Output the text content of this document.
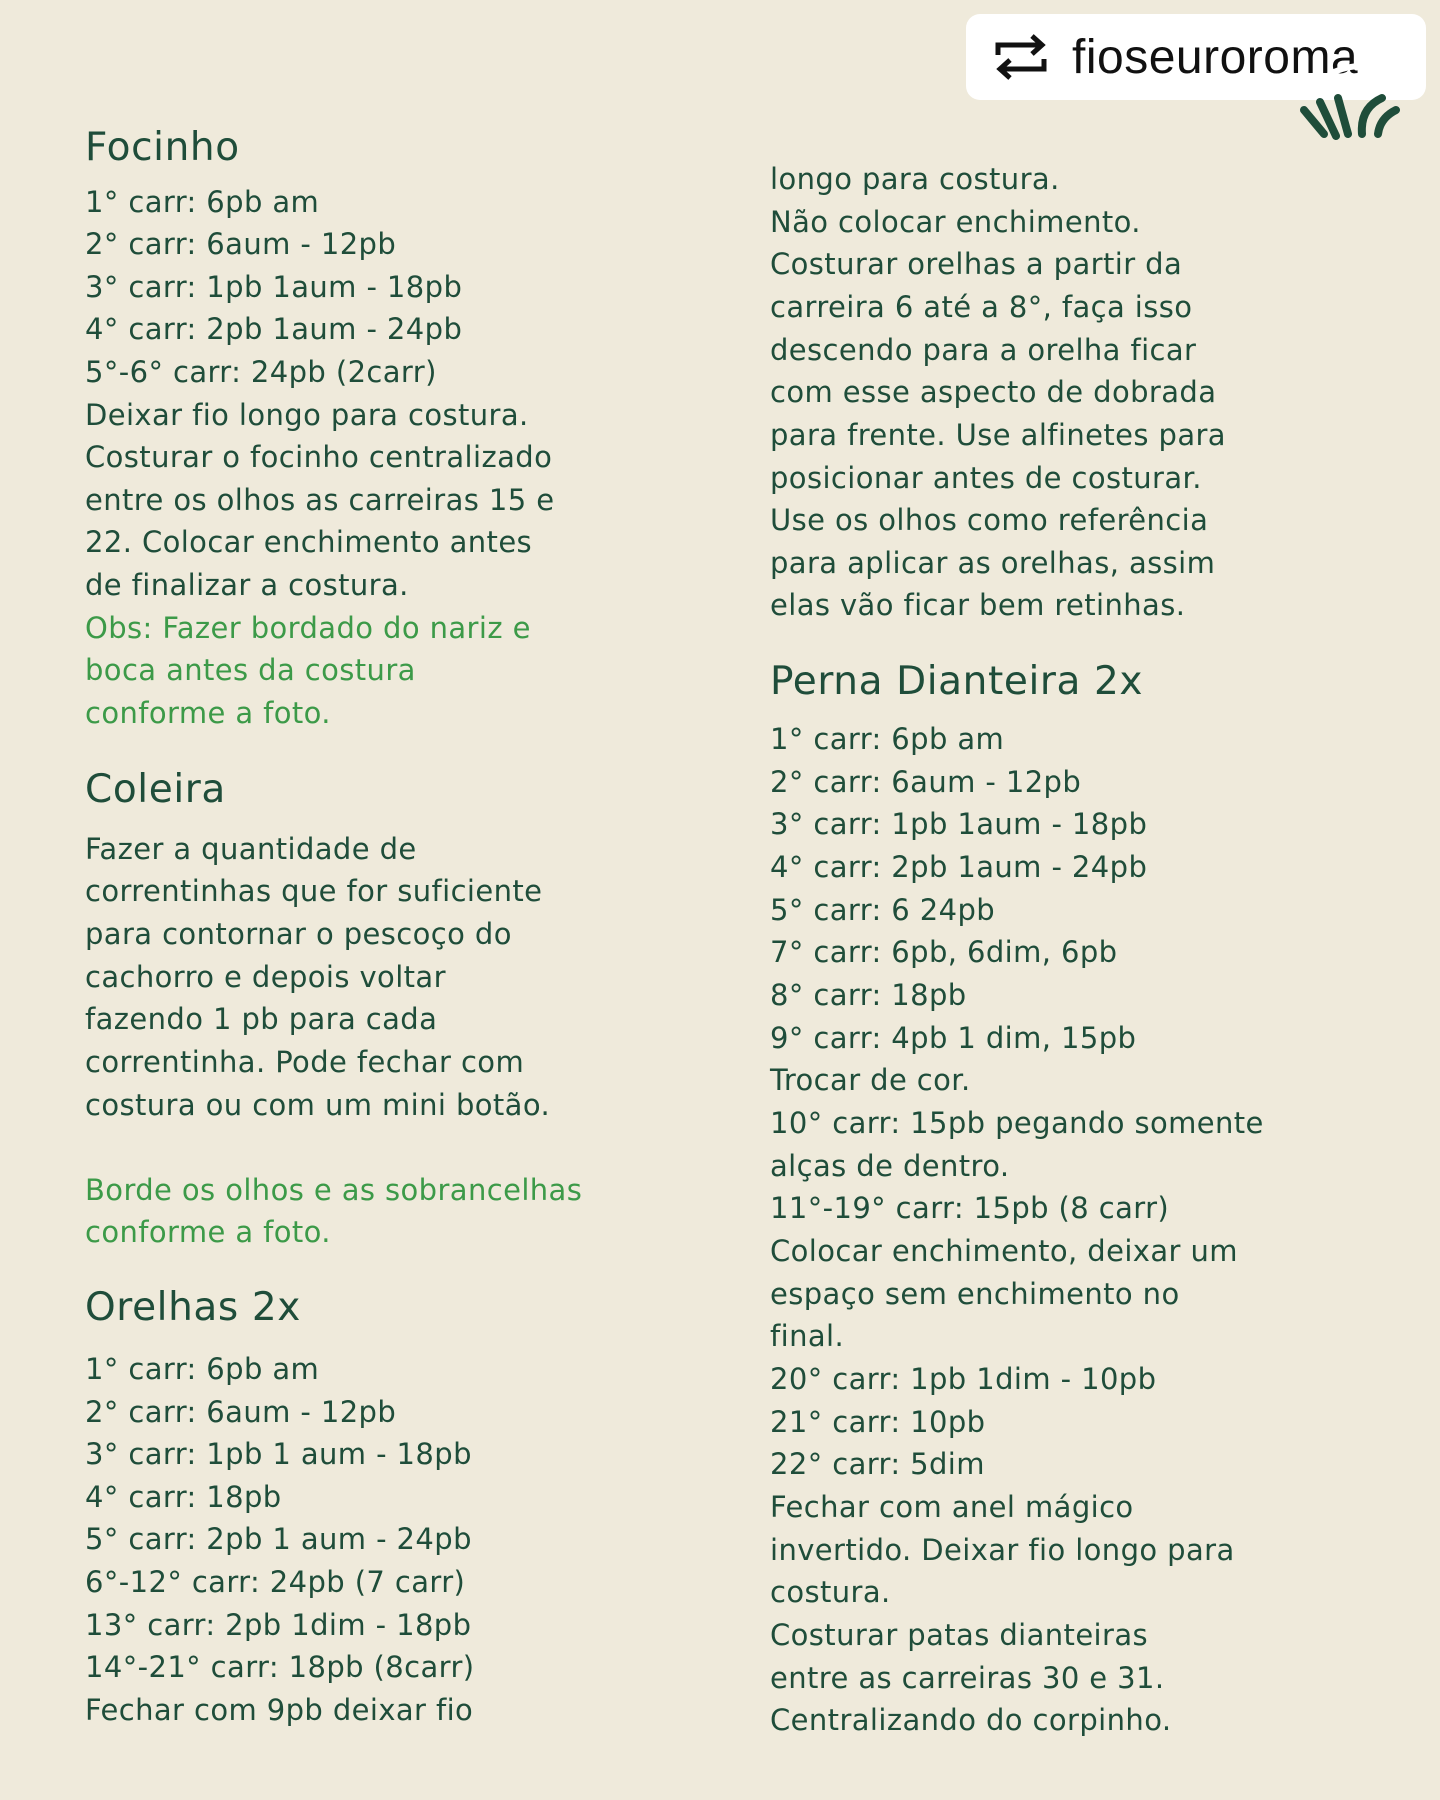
fioseuroroma
Focinho
1° carr: 6pb am
2° carr: 6aum - 12pb
3° carr: 1pb 1aum - 18pb
4° carr: 2pb 1aum - 24pb
5°-6° carr: 24pb (2carr)
Deixar fio longo para costura.
Costurar o focinho centralizado
entre os olhos as carreiras 15 e
22. Colocar enchimento antes
de finalizar a costura.
Obs: Fazer bordado do nariz e
boca antes da costura
conforme a foto.
Coleira
Fazer a quantidade de
correntinhas que for suficiente
para contornar o pescoço do
cachorro e depois voltar
fazendo 1 pb para cada
correntinha. Pode fechar com
costura ou com um mini botão.
Borde os olhos e as sobrancelhas
conforme a foto.
Orelhas 2x
1° carr: 6pb am
2° carr: 6aum - 12pb
3° carr: 1pb 1 aum - 18pb
4° carr: 18pb
5° carr: 2pb 1 aum - 24pb
6°-12° carr: 24pb (7 carr)
13° carr: 2pb 1dim - 18pb
14°-21° carr: 18pb (8carr)
Fechar com 9pb deixar fio
longo para costura.
Não colocar enchimento.
Costurar orelhas a partir da
carreira 6 até a 8°, faça isso
descendo para a orelha ficar
com esse aspecto de dobrada
para frente. Use alfinetes para
posicionar antes de costurar.
Use os olhos como referência
para aplicar as orelhas, assim
elas vão ficar bem retinhas.
Perna Dianteira 2x
1° carr: 6pb am
2° carr: 6aum - 12pb
3° carr: 1pb 1aum - 18pb
4° carr: 2pb 1aum - 24pb
5° carr: 6 24pb
7° carr: 6pb, 6dim, 6pb
8° carr: 18pb
9° carr: 4pb 1 dim, 15pb
Trocar de cor.
10° carr: 15pb pegando somente
alças de dentro.
11°-19° carr: 15pb (8 carr)
Colocar enchimento, deixar um
espaço sem enchimento no
final.
20° carr: 1pb 1dim - 10pb
21° carr: 10pb
22° carr: 5dim
Fechar com anel mágico
invertido. Deixar fio longo para
costura.
Costurar patas dianteiras
entre as carreiras 30 e 31.
Centralizando do corpinho.
